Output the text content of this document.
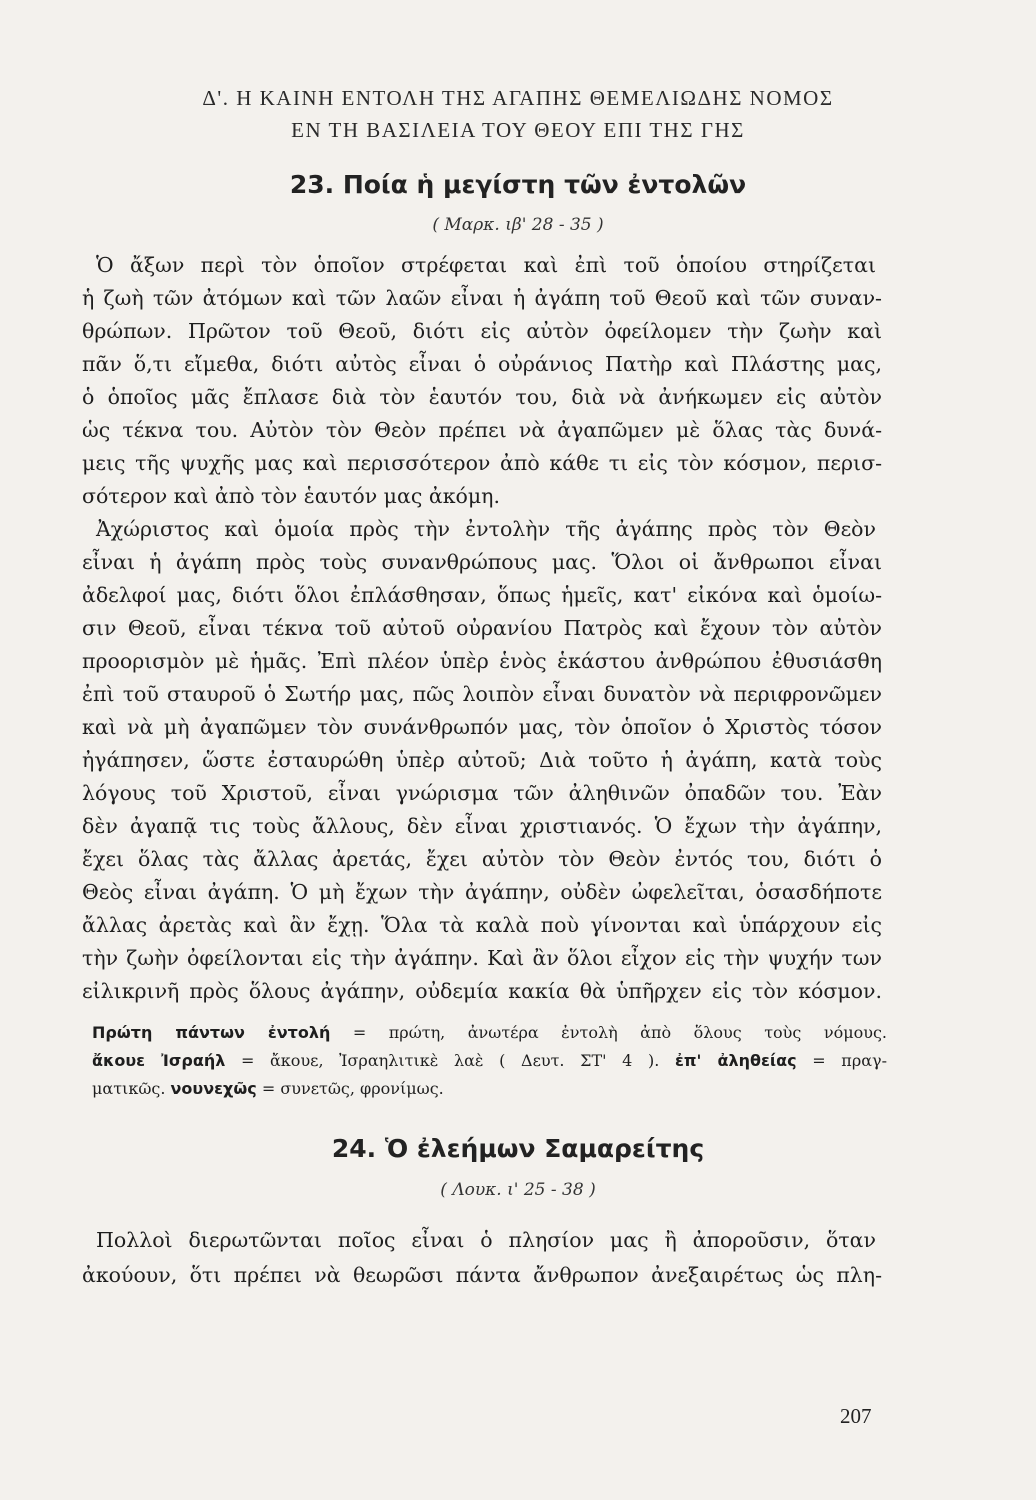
Δ'. Η ΚΑΙΝΗ ΕΝΤΟΛΗ ΤΗΣ ΑΓΑΠΗΣ ΘΕΜΕΛΙΩΔΗΣ ΝΟΜΟΣ
ΕΝ ΤΗ ΒΑΣΙΛΕΙΑ ΤΟΥ ΘΕΟΥ ΕΠΙ ΤΗΣ ΓΗΣ
23. Ποία ἡ μεγίστη τῶν ἐντολῶν
( Μαρκ. ιβ' 28 - 35 )
Ὁ ἄξων περὶ τὸν ὁποῖον στρέφεται καὶ ἐπὶ τοῦ ὁποίου στηρίζεται
ἡ ζωὴ τῶν ἀτόμων καὶ τῶν λαῶν εἶναι ἡ ἀγάπη τοῦ Θεοῦ καὶ τῶν συναν-
θρώπων. Πρῶτον τοῦ Θεοῦ, διότι εἰς αὐτὸν ὀφείλομεν τὴν ζωὴν καὶ
πᾶν ὅ,τι εἴμεθα, διότι αὐτὸς εἶναι ὁ οὐράνιος Πατὴρ καὶ Πλάστης μας,
ὁ ὁποῖος μᾶς ἔπλασε διὰ τὸν ἑαυτόν του, διὰ νὰ ἀνήκωμεν εἰς αὐτὸν
ὡς τέκνα του. Αὐτὸν τὸν Θεὸν πρέπει νὰ ἀγαπῶμεν μὲ ὅλας τὰς δυνά-
μεις τῆς ψυχῆς μας καὶ περισσότερον ἀπὸ κάθε τι εἰς τὸν κόσμον, περισ-
σότερον καὶ ἀπὸ τὸν ἑαυτόν μας ἀκόμη.
Ἀχώριστος καὶ ὁμοία πρὸς τὴν ἐντολὴν τῆς ἀγάπης πρὸς τὸν Θεὸν
εἶναι ἡ ἀγάπη πρὸς τοὺς συνανθρώπους μας. Ὅλοι οἱ ἄνθρωποι εἶναι
ἀδελφοί μας, διότι ὅλοι ἐπλάσθησαν, ὅπως ἡμεῖς, κατ' εἰκόνα καὶ ὁμοίω-
σιν Θεοῦ, εἶναι τέκνα τοῦ αὐτοῦ οὐρανίου Πατρὸς καὶ ἔχουν τὸν αὐτὸν
προορισμὸν μὲ ἡμᾶς. Ἐπὶ πλέον ὑπὲρ ἑνὸς ἑκάστου ἀνθρώπου ἐθυσιάσθη
ἐπὶ τοῦ σταυροῦ ὁ Σωτήρ μας, πῶς λοιπὸν εἶναι δυνατὸν νὰ περιφρονῶμεν
καὶ νὰ μὴ ἀγαπῶμεν τὸν συνάνθρωπόν μας, τὸν ὁποῖον ὁ Χριστὸς τόσον
ἠγάπησεν, ὥστε ἐσταυρώθη ὑπὲρ αὐτοῦ; Διὰ τοῦτο ἡ ἀγάπη, κατὰ τοὺς
λόγους τοῦ Χριστοῦ, εἶναι γνώρισμα τῶν ἀληθινῶν ὀπαδῶν του. Ἐὰν
δὲν ἀγαπᾷ τις τοὺς ἄλλους, δὲν εἶναι χριστιανός. Ὁ ἔχων τὴν ἀγάπην,
ἔχει ὅλας τὰς ἄλλας ἀρετάς, ἔχει αὐτὸν τὸν Θεὸν ἐντός του, διότι ὁ
Θεὸς εἶναι ἀγάπη. Ὁ μὴ ἔχων τὴν ἀγάπην, οὐδὲν ὠφελεῖται, ὁσασδήποτε
ἄλλας ἀρετὰς καὶ ἂν ἔχῃ. Ὅλα τὰ καλὰ ποὺ γίνονται καὶ ὑπάρχουν εἰς
τὴν ζωὴν ὀφείλονται εἰς τὴν ἀγάπην. Καὶ ἂν ὅλοι εἶχον εἰς τὴν ψυχήν των
εἰλικρινῆ πρὸς ὅλους ἀγάπην, οὐδεμία κακία θὰ ὑπῆρχεν εἰς τὸν κόσμον.
Πρώτη πάντων ἐντολή = πρώτη, ἀνωτέρα ἐντολὴ ἀπὸ ὅλους τοὺς νόμους.
ἄκουε Ἰσραήλ = ἄκουε, Ἰσραηλιτικὲ λαὲ ( Δευτ. ΣΤ' 4 ). ἐπ' ἀληθείας = πραγ-
ματικῶς. νουνεχῶς = συνετῶς, φρονίμως.
24. Ὁ ἐλεήμων Σαμαρείτης
( Λουκ. ι' 25 - 38 )
Πολλοὶ διερωτῶνται ποῖος εἶναι ὁ πλησίον μας ἢ ἀποροῦσιν, ὅταν
ἀκούουν, ὅτι πρέπει νὰ θεωρῶσι πάντα ἄνθρωπον ἀνεξαιρέτως ὡς πλη-
207
